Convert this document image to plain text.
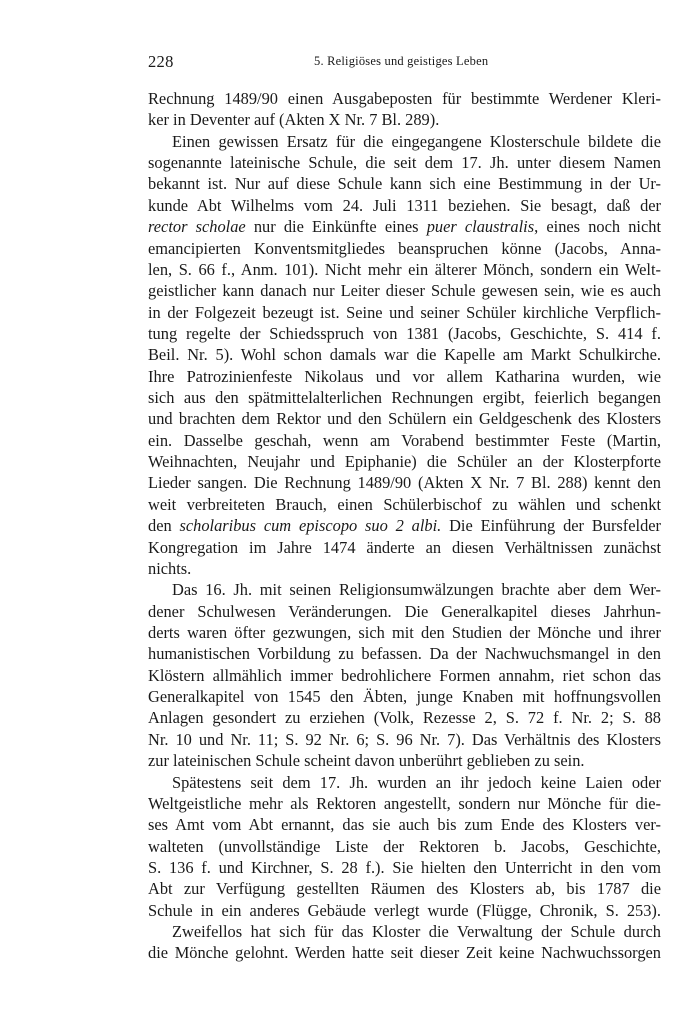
228	5. Religiöses und geistiges Leben
Rechnung 1489/90 einen Ausgabeposten für bestimmte Werdener Kleri-
ker in Deventer auf (Akten X Nr. 7 Bl. 289).
Einen gewissen Ersatz für die eingegangene Klosterschule bildete die
sogenannte lateinische Schule, die seit dem 17. Jh. unter diesem Namen
bekannt ist. Nur auf diese Schule kann sich eine Bestimmung in der Ur-
kunde Abt Wilhelms vom 24. Juli 1311 beziehen. Sie besagt, daß der
rector scholae nur die Einkünfte eines puer claustralis, eines noch nicht
emancipierten Konventsmitgliedes beanspruchen könne (Jacobs, Anna-
len, S. 66 f., Anm. 101). Nicht mehr ein älterer Mönch, sondern ein Welt-
geistlicher kann danach nur Leiter dieser Schule gewesen sein, wie es auch
in der Folgezeit bezeugt ist. Seine und seiner Schüler kirchliche Verpflich-
tung regelte der Schiedsspruch von 1381 (Jacobs, Geschichte, S. 414 f.
Beil. Nr. 5). Wohl schon damals war die Kapelle am Markt Schulkirche.
Ihre Patrozinienfeste Nikolaus und vor allem Katharina wurden, wie
sich aus den spätmittelalterlichen Rechnungen ergibt, feierlich begangen
und brachten dem Rektor und den Schülern ein Geldgeschenk des Klosters
ein. Dasselbe geschah, wenn am Vorabend bestimmter Feste (Martin,
Weihnachten, Neujahr und Epiphanie) die Schüler an der Klosterpforte
Lieder sangen. Die Rechnung 1489/90 (Akten X Nr. 7 Bl. 288) kennt den
weit verbreiteten Brauch, einen Schülerbischof zu wählen und schenkt
den scholaribus cum episcopo suo 2 albi. Die Einführung der Bursfelder
Kongregation im Jahre 1474 änderte an diesen Verhältnissen zunächst
nichts.
Das 16. Jh. mit seinen Religionsumwälzungen brachte aber dem Wer-
dener Schulwesen Veränderungen. Die Generalkapitel dieses Jahrhun-
derts waren öfter gezwungen, sich mit den Studien der Mönche und ihrer
humanistischen Vorbildung zu befassen. Da der Nachwuchsmangel in den
Klöstern allmählich immer bedrohlichere Formen annahm, riet schon das
Generalkapitel von 1545 den Äbten, junge Knaben mit hoffnungsvollen
Anlagen gesondert zu erziehen (Volk, Rezesse 2, S. 72 f. Nr. 2; S. 88
Nr. 10 und Nr. 11; S. 92 Nr. 6; S. 96 Nr. 7). Das Verhältnis des Klosters
zur lateinischen Schule scheint davon unberührt geblieben zu sein.
Spätestens seit dem 17. Jh. wurden an ihr jedoch keine Laien oder
Weltgeistliche mehr als Rektoren angestellt, sondern nur Mönche für die-
ses Amt vom Abt ernannt, das sie auch bis zum Ende des Klosters ver-
walteten (unvollständige Liste der Rektoren b. Jacobs, Geschichte,
S. 136 f. und Kirchner, S. 28 f.). Sie hielten den Unterricht in den vom
Abt zur Verfügung gestellten Räumen des Klosters ab, bis 1787 die
Schule in ein anderes Gebäude verlegt wurde (Flügge, Chronik, S. 253).
Zweifellos hat sich für das Kloster die Verwaltung der Schule durch
die Mönche gelohnt. Werden hatte seit dieser Zeit keine Nachwuchssorgen
